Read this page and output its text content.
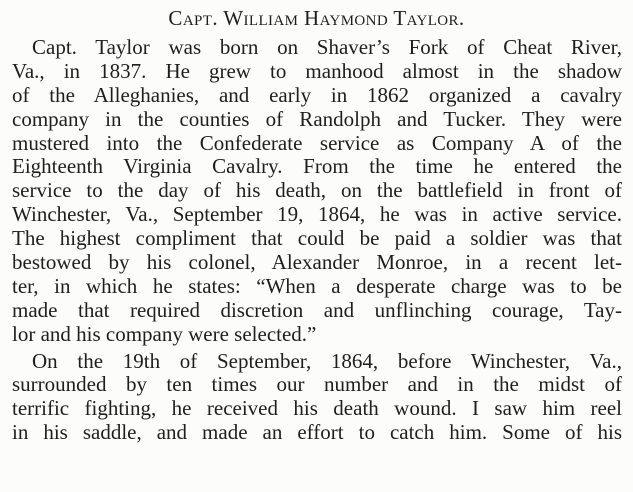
Capt. William Haymond Taylor.
Capt. Taylor was born on Shaver’s Fork of Cheat River,
Va., in 1837. He grew to manhood almost in the shadow
of the Alleghanies, and early in 1862 organized a cavalry
company in the counties of Randolph and Tucker. They were
mustered into the Confederate service as Company A of the
Eighteenth Virginia Cavalry. From the time he entered the
service to the day of his death, on the battlefield in front of
Winchester, Va., September 19, 1864, he was in active service.
The highest compliment that could be paid a soldier was that
bestowed by his colonel, Alexander Monroe, in a recent let-
ter, in which he states: “When a desperate charge was to be
made that required discretion and unflinching courage, Tay-
lor and his company were selected.”
On the 19th of September, 1864, before Winchester, Va.,
surrounded by ten times our number and in the midst of
terrific fighting, he received his death wound. I saw him reel
in his saddle, and made an effort to catch him. Some of his
